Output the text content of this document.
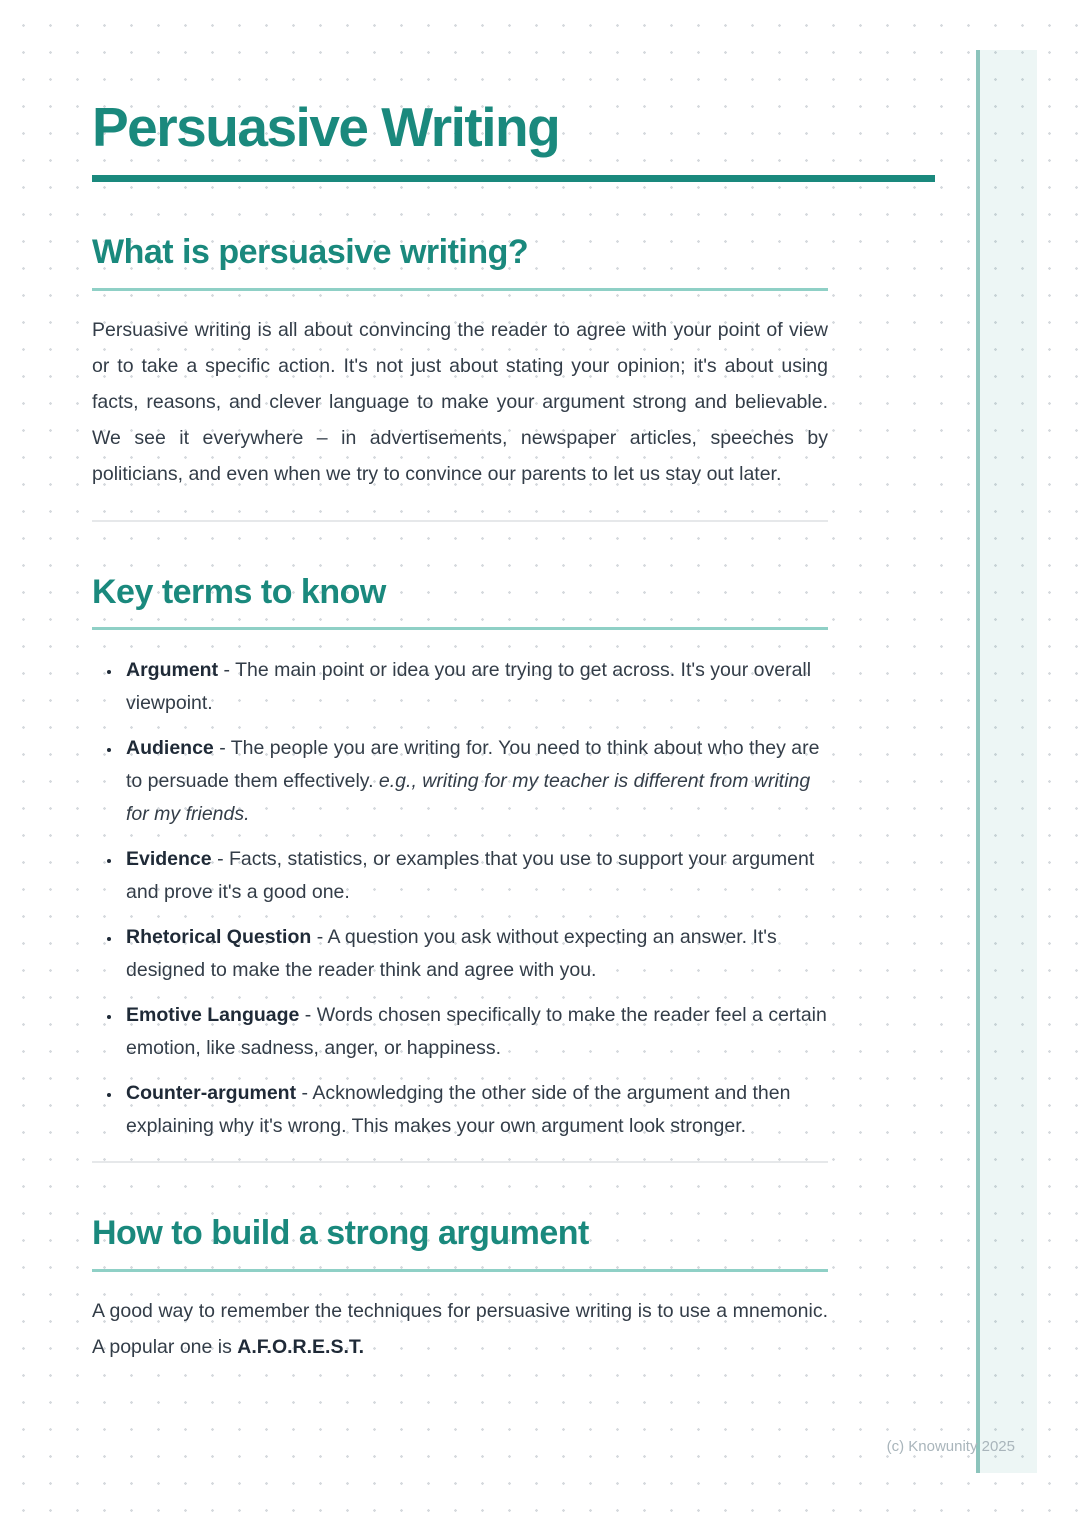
Persuasive Writing
What is persuasive writing?

Persuasive writing is all about convincing the reader to agree with your point of view or to take a specific action. It's not just about stating your opinion; it's about using facts, reasons, and clever language to make your argument strong and believable. We see it everywhere – in advertisements, newspaper articles, speeches by politicians, and even when we try to convince our parents to let us stay out later.

Key terms to know
• Argument - The main point or idea you are trying to get across. It's your overall viewpoint.
• Audience - The people you are writing for. You need to think about who they are to persuade them effectively. e.g., writing for my teacher is different from writing for my friends.
• Evidence - Facts, statistics, or examples that you use to support your argument and prove it's a good one.
• Rhetorical Question - A question you ask without expecting an answer. It's designed to make the reader think and agree with you.
• Emotive Language - Words chosen specifically to make the reader feel a certain emotion, like sadness, anger, or happiness.
• Counter-argument - Acknowledging the other side of the argument and then explaining why it's wrong. This makes your own argument look stronger.
How to build a strong argument

A good way to remember the techniques for persuasive writing is to use a mnemonic. A popular one is A.F.O.R.E.S.T.

(c) Knowunity 2025
